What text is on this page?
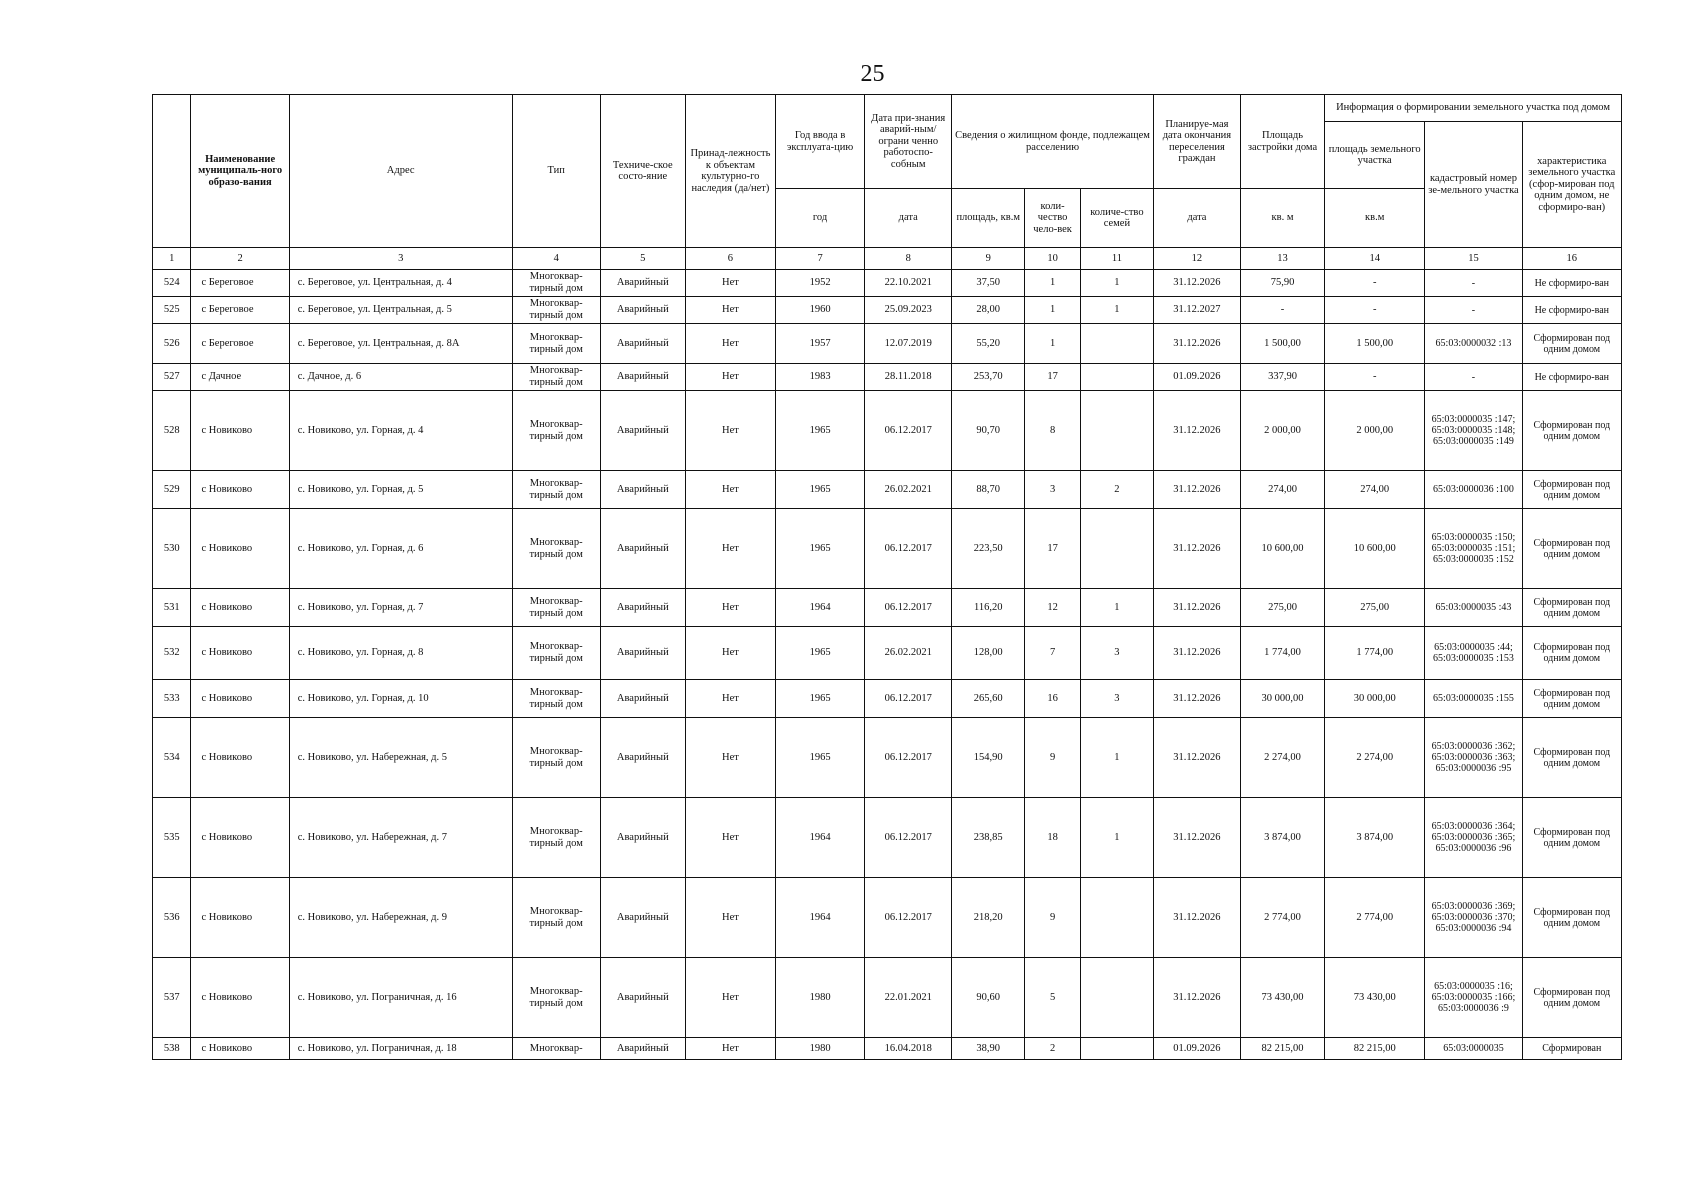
25
	Наименование муниципаль-ного образо-вания	Адрес	Тип	Техниче-ское состо-яние	Принад-лежность к объектам культурно-го наследия (да/нет)	Год ввода в эксплуата-цию	Дата при-знания аварий-ным/ограни ченно работоспо-собным	Сведения о жилищном фонде, подлежащем расселению			Планируе-мая дата окончания переселения граждан	Площадь застройки дома	Информация о формировании земельного участка под домом		
													площадь земельного участка	кадастровый номер зе-мельного участка	характеристика земельного участка (сфор-мирован под одним домом, не сформиро-ван)
						год	дата	площадь, кв.м	коли-чество чело-век	количе-ство семей	дата	кв. м	кв.м		
1	2	3	4	5	6	7	8	9	10	11	12	13	14	15	16
524	с Береговое	с. Береговое, ул. Центральная, д. 4	Многоквар-тирный дом	Аварийный	Нет	1952	22.10.2021	37,50	1	1	31.12.2026	75,90	-	-	Не сформиро-ван
525	с Береговое	с. Береговое, ул. Центральная, д. 5	Многоквар-тирный дом	Аварийный	Нет	1960	25.09.2023	28,00	1	1	31.12.2027	-	-	-	Не сформиро-ван
526	с Береговое	с. Береговое, ул. Центральная, д. 8А	Многоквар-тирный дом	Аварийный	Нет	1957	12.07.2019	55,20	1		31.12.2026	1 500,00	1 500,00	65:03:0000032 :13	Сформирован под одним домом
527	с Дачное	с. Дачное, д. 6	Многоквар-тирный дом	Аварийный	Нет	1983	28.11.2018	253,70	17		01.09.2026	337,90	-	-	Не сформиро-ван
528	с Новиково	с. Новиково, ул. Горная, д. 4	Многоквар-тирный дом	Аварийный	Нет	1965	06.12.2017	90,70	8		31.12.2026	2 000,00	2 000,00	65:03:0000035 :147; 65:03:0000035 :148; 65:03:0000035 :149	Сформирован под одним домом
529	с Новиково	с. Новиково, ул. Горная, д. 5	Многоквар-тирный дом	Аварийный	Нет	1965	26.02.2021	88,70	3	2	31.12.2026	274,00	274,00	65:03:0000036 :100	Сформирован под одним домом
530	с Новиково	с. Новиково, ул. Горная, д. 6	Многоквар-тирный дом	Аварийный	Нет	1965	06.12.2017	223,50	17		31.12.2026	10 600,00	10 600,00	65:03:0000035 :150; 65:03:0000035 :151; 65:03:0000035 :152	Сформирован под одним домом
531	с Новиково	с. Новиково, ул. Горная, д. 7	Многоквар-тирный дом	Аварийный	Нет	1964	06.12.2017	116,20	12	1	31.12.2026	275,00	275,00	65:03:0000035 :43	Сформирован под одним домом
532	с Новиково	с. Новиково, ул. Горная, д. 8	Многоквар-тирный дом	Аварийный	Нет	1965	26.02.2021	128,00	7	3	31.12.2026	1 774,00	1 774,00	65:03:0000035 :44; 65:03:0000035 :153	Сформирован под одним домом
533	с Новиково	с. Новиково, ул. Горная, д. 10	Многоквар-тирный дом	Аварийный	Нет	1965	06.12.2017	265,60	16	3	31.12.2026	30 000,00	30 000,00	65:03:0000035 :155	Сформирован под одним домом
534	с Новиково	с. Новиково, ул. Набережная, д. 5	Многоквар-тирный дом	Аварийный	Нет	1965	06.12.2017	154,90	9	1	31.12.2026	2 274,00	2 274,00	65:03:0000036 :362; 65:03:0000036 :363; 65:03:0000036 :95	Сформирован под одним домом
535	с Новиково	с. Новиково, ул. Набережная, д. 7	Многоквар-тирный дом	Аварийный	Нет	1964	06.12.2017	238,85	18	1	31.12.2026	3 874,00	3 874,00	65:03:0000036 :364; 65:03:0000036 :365; 65:03:0000036 :96	Сформирован под одним домом
536	с Новиково	с. Новиково, ул. Набережная, д. 9	Многоквар-тирный дом	Аварийный	Нет	1964	06.12.2017	218,20	9		31.12.2026	2 774,00	2 774,00	65:03:0000036 :369; 65:03:0000036 :370; 65:03:0000036 :94	Сформирован под одним домом
537	с Новиково	с. Новиково, ул. Пограничная, д. 16	Многоквар-тирный дом	Аварийный	Нет	1980	22.01.2021	90,60	5		31.12.2026	73 430,00	73 430,00	65:03:0000035 :16; 65:03:0000035 :166; 65:03:0000036 :9	Сформирован под одним домом
538	с Новиково	с. Новиково, ул. Пограничная, д. 18	Многоквар-	Аварийный	Нет	1980	16.04.2018	38,90	2		01.09.2026	82 215,00	82 215,00	65:03:0000035	Сформирован
